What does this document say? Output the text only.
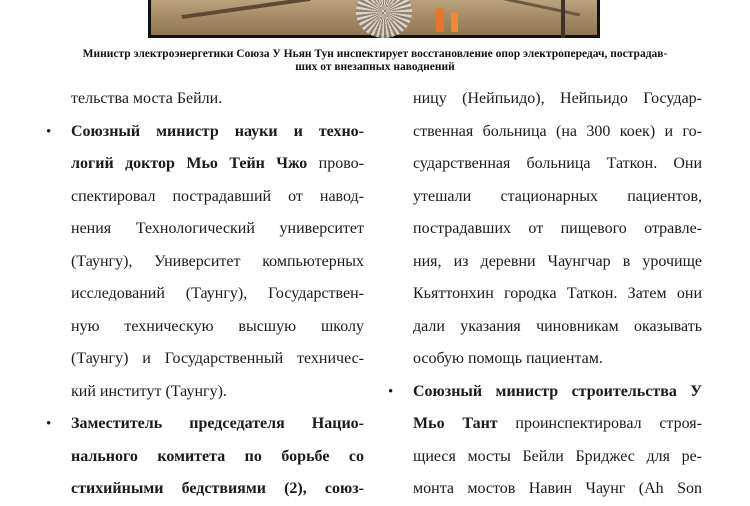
Министр электроэнергетики Союза У Ньян Тун инспектирует восстановление опор электропередач, пострадав-
ших от внезапных наводнений
тельства моста Бейли.
•	Союзный министр науки и техно-
логий доктор Мьо Тейн Чжо прово-
спектировал пострадавший от навод-
нения Технологический университет
(Таунгу), Университет компьютерных
исследований (Таунгу), Государствен-
ную техническую высшую школу
(Таунгу) и Государственный техничес-
кий институт (Таунгу).
•	Заместитель председателя Нацио-
нального комитета по борьбе со
стихийными бедствиями (2), союз-
ницу (Нейпьидо), Нейпьидо Государ-
ственная больница (на 300 коек) и го-
сударственная больница Таткон. Они
утешали стационарных пациентов,
пострадавших от пищевого отравле-
ния, из деревни Чаунгчар в урочище
Кьяттонхин городка Таткон. Затем они
дали указания чиновникам оказывать
особую помощь пациентам.
•	Союзный министр строительства У
Мьо Тант проинспектировал строя-
щиеся мосты Бейли Бриджес для ре-
монта мостов Навин Чаунг (Ah Son
